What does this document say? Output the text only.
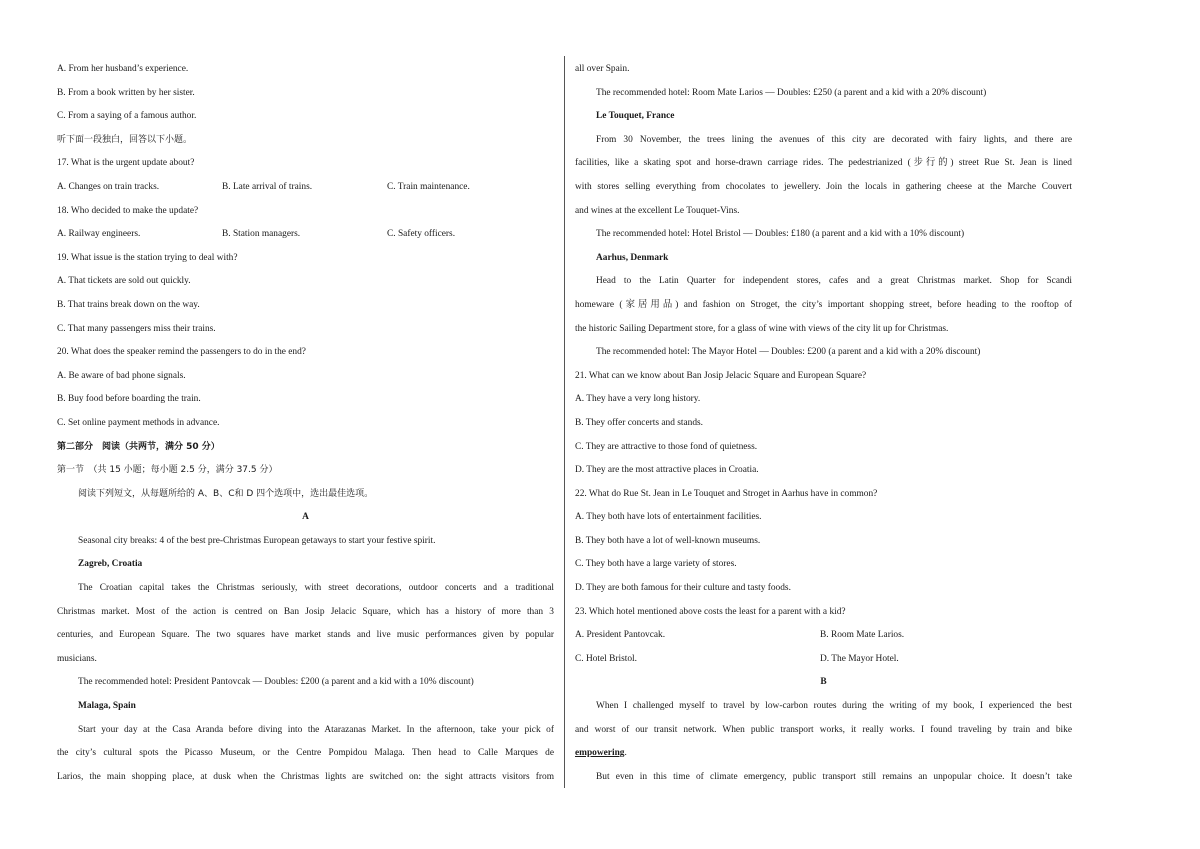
A. From her husband’s experience.
B. From a book written by her sister.
C. From a saying of a famous author.
听下面一段独白，回答以下小题。
17. What is the urgent update about?
A. Changes on train tracks.	B. Late arrival of trains.	C. Train maintenance.
18. Who decided to make the update?
A. Railway engineers.	B. Station managers.	C. Safety officers.
19. What issue is the station trying to deal with?
A. That tickets are sold out quickly.
B. That trains break down on the way.
C. That many passengers miss their trains.
20. What does the speaker remind the passengers to do in the end?
A. Be aware of bad phone signals.
B. Buy food before boarding the train.
C. Set online payment methods in advance.
第二部分　阅读（共两节，满分 50 分）
第一节　（共 15 小题；每小题 2.5 分，满分 37.5 分）
阅读下列短文，从每题所给的 A、B、C和 D 四个选项中，选出最佳选项。
A
Seasonal city breaks: 4 of the best pre-Christmas European getaways to start your festive spirit.
Zagreb, Croatia
The Croatian capital takes the Christmas seriously, with street decorations, outdoor concerts and a traditional
Christmas market. Most of the action is centred on Ban Josip Jelacic Square, which has a history of more than 3
centuries, and European Square. The two squares have market stands and live music performances given by popular
musicians.
The recommended hotel: President Pantovcak — Doubles: £200 (a parent and a kid with a 10% discount)
Malaga, Spain
Start your day at the Casa Aranda before diving into the Atarazanas Market. In the afternoon, take your pick of
the city’s cultural spots the Picasso Museum, or the Centre Pompidou Malaga. Then head to Calle Marques de
Larios, the main shopping place, at dusk when the Christmas lights are switched on: the sight attracts visitors from
all over Spain.
The recommended hotel: Room Mate Larios — Doubles: £250 (a parent and a kid with a 20% discount)
Le Touquet, France
From 30 November, the trees lining the avenues of this city are decorated with fairy lights, and there are
facilities, like a skating spot and horse-drawn carriage rides. The pedestrianized (步行的) street Rue St. Jean is lined
with stores selling everything from chocolates to jewellery. Join the locals in gathering cheese at the Marche Couvert
and wines at the excellent Le Touquet-Vins.
The recommended hotel: Hotel Bristol — Doubles: £180 (a parent and a kid with a 10% discount)
Aarhus, Denmark
Head to the Latin Quarter for independent stores, cafes and a great Christmas market. Shop for Scandi
homeware (家居用品) and fashion on Stroget, the city’s important shopping street, before heading to the rooftop of
the historic Sailing Department store, for a glass of wine with views of the city lit up for Christmas.
The recommended hotel: The Mayor Hotel — Doubles: £200 (a parent and a kid with a 20% discount)
21. What can we know about Ban Josip Jelacic Square and European Square?
A. They have a very long history.
B. They offer concerts and stands.
C. They are attractive to those fond of quietness.
D. They are the most attractive places in Croatia.
22. What do Rue St. Jean in Le Touquet and Stroget in Aarhus have in common?
A. They both have lots of entertainment facilities.
B. They both have a lot of well-known museums.
C. They both have a large variety of stores.
D. They are both famous for their culture and tasty foods.
23. Which hotel mentioned above costs the least for a parent with a kid?
A. President Pantovcak.	B. Room Mate Larios.
C. Hotel Bristol.	D. The Mayor Hotel.
B
When I challenged myself to travel by low-carbon routes during the writing of my book, I experienced the best
and worst of our transit network. When public transport works, it really works. I found traveling by train and bike
empowering.
But even in this time of climate emergency, public transport still remains an unpopular choice. It doesn’t take
